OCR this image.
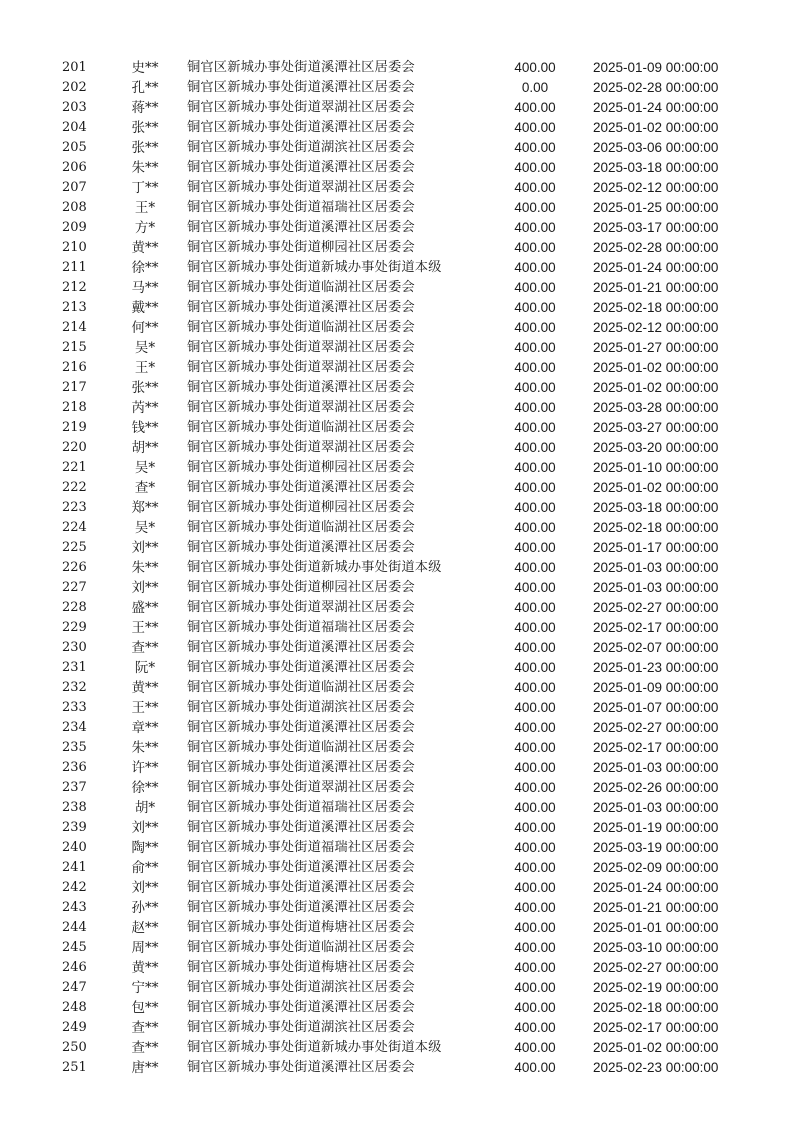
201	史**	铜官区新城办事处街道溪潭社区居委会	400.00	2025-01-09 00:00:00
202	孔**	铜官区新城办事处街道溪潭社区居委会	0.00	2025-02-28 00:00:00
203	蒋**	铜官区新城办事处街道翠湖社区居委会	400.00	2025-01-24 00:00:00
204	张**	铜官区新城办事处街道溪潭社区居委会	400.00	2025-01-02 00:00:00
205	张**	铜官区新城办事处街道湖滨社区居委会	400.00	2025-03-06 00:00:00
206	朱**	铜官区新城办事处街道溪潭社区居委会	400.00	2025-03-18 00:00:00
207	丁**	铜官区新城办事处街道翠湖社区居委会	400.00	2025-02-12 00:00:00
208	王*	铜官区新城办事处街道福瑞社区居委会	400.00	2025-01-25 00:00:00
209	方*	铜官区新城办事处街道溪潭社区居委会	400.00	2025-03-17 00:00:00
210	黄**	铜官区新城办事处街道柳园社区居委会	400.00	2025-02-28 00:00:00
211	徐**	铜官区新城办事处街道新城办事处街道本级	400.00	2025-01-24 00:00:00
212	马**	铜官区新城办事处街道临湖社区居委会	400.00	2025-01-21 00:00:00
213	戴**	铜官区新城办事处街道溪潭社区居委会	400.00	2025-02-18 00:00:00
214	何**	铜官区新城办事处街道临湖社区居委会	400.00	2025-02-12 00:00:00
215	吴*	铜官区新城办事处街道翠湖社区居委会	400.00	2025-01-27 00:00:00
216	王*	铜官区新城办事处街道翠湖社区居委会	400.00	2025-01-02 00:00:00
217	张**	铜官区新城办事处街道溪潭社区居委会	400.00	2025-01-02 00:00:00
218	芮**	铜官区新城办事处街道翠湖社区居委会	400.00	2025-03-28 00:00:00
219	钱**	铜官区新城办事处街道临湖社区居委会	400.00	2025-03-27 00:00:00
220	胡**	铜官区新城办事处街道翠湖社区居委会	400.00	2025-03-20 00:00:00
221	吴*	铜官区新城办事处街道柳园社区居委会	400.00	2025-01-10 00:00:00
222	查*	铜官区新城办事处街道溪潭社区居委会	400.00	2025-01-02 00:00:00
223	郑**	铜官区新城办事处街道柳园社区居委会	400.00	2025-03-18 00:00:00
224	吴*	铜官区新城办事处街道临湖社区居委会	400.00	2025-02-18 00:00:00
225	刘**	铜官区新城办事处街道溪潭社区居委会	400.00	2025-01-17 00:00:00
226	朱**	铜官区新城办事处街道新城办事处街道本级	400.00	2025-01-03 00:00:00
227	刘**	铜官区新城办事处街道柳园社区居委会	400.00	2025-01-03 00:00:00
228	盛**	铜官区新城办事处街道翠湖社区居委会	400.00	2025-02-27 00:00:00
229	王**	铜官区新城办事处街道福瑞社区居委会	400.00	2025-02-17 00:00:00
230	查**	铜官区新城办事处街道溪潭社区居委会	400.00	2025-02-07 00:00:00
231	阮*	铜官区新城办事处街道溪潭社区居委会	400.00	2025-01-23 00:00:00
232	黄**	铜官区新城办事处街道临湖社区居委会	400.00	2025-01-09 00:00:00
233	王**	铜官区新城办事处街道湖滨社区居委会	400.00	2025-01-07 00:00:00
234	章**	铜官区新城办事处街道溪潭社区居委会	400.00	2025-02-27 00:00:00
235	朱**	铜官区新城办事处街道临湖社区居委会	400.00	2025-02-17 00:00:00
236	许**	铜官区新城办事处街道溪潭社区居委会	400.00	2025-01-03 00:00:00
237	徐**	铜官区新城办事处街道翠湖社区居委会	400.00	2025-02-26 00:00:00
238	胡*	铜官区新城办事处街道福瑞社区居委会	400.00	2025-01-03 00:00:00
239	刘**	铜官区新城办事处街道溪潭社区居委会	400.00	2025-01-19 00:00:00
240	陶**	铜官区新城办事处街道福瑞社区居委会	400.00	2025-03-19 00:00:00
241	俞**	铜官区新城办事处街道溪潭社区居委会	400.00	2025-02-09 00:00:00
242	刘**	铜官区新城办事处街道溪潭社区居委会	400.00	2025-01-24 00:00:00
243	孙**	铜官区新城办事处街道溪潭社区居委会	400.00	2025-01-21 00:00:00
244	赵**	铜官区新城办事处街道梅塘社区居委会	400.00	2025-01-01 00:00:00
245	周**	铜官区新城办事处街道临湖社区居委会	400.00	2025-03-10 00:00:00
246	黄**	铜官区新城办事处街道梅塘社区居委会	400.00	2025-02-27 00:00:00
247	宁**	铜官区新城办事处街道湖滨社区居委会	400.00	2025-02-19 00:00:00
248	包**	铜官区新城办事处街道溪潭社区居委会	400.00	2025-02-18 00:00:00
249	查**	铜官区新城办事处街道湖滨社区居委会	400.00	2025-02-17 00:00:00
250	查**	铜官区新城办事处街道新城办事处街道本级	400.00	2025-01-02 00:00:00
251	唐**	铜官区新城办事处街道溪潭社区居委会	400.00	2025-02-23 00:00:00
